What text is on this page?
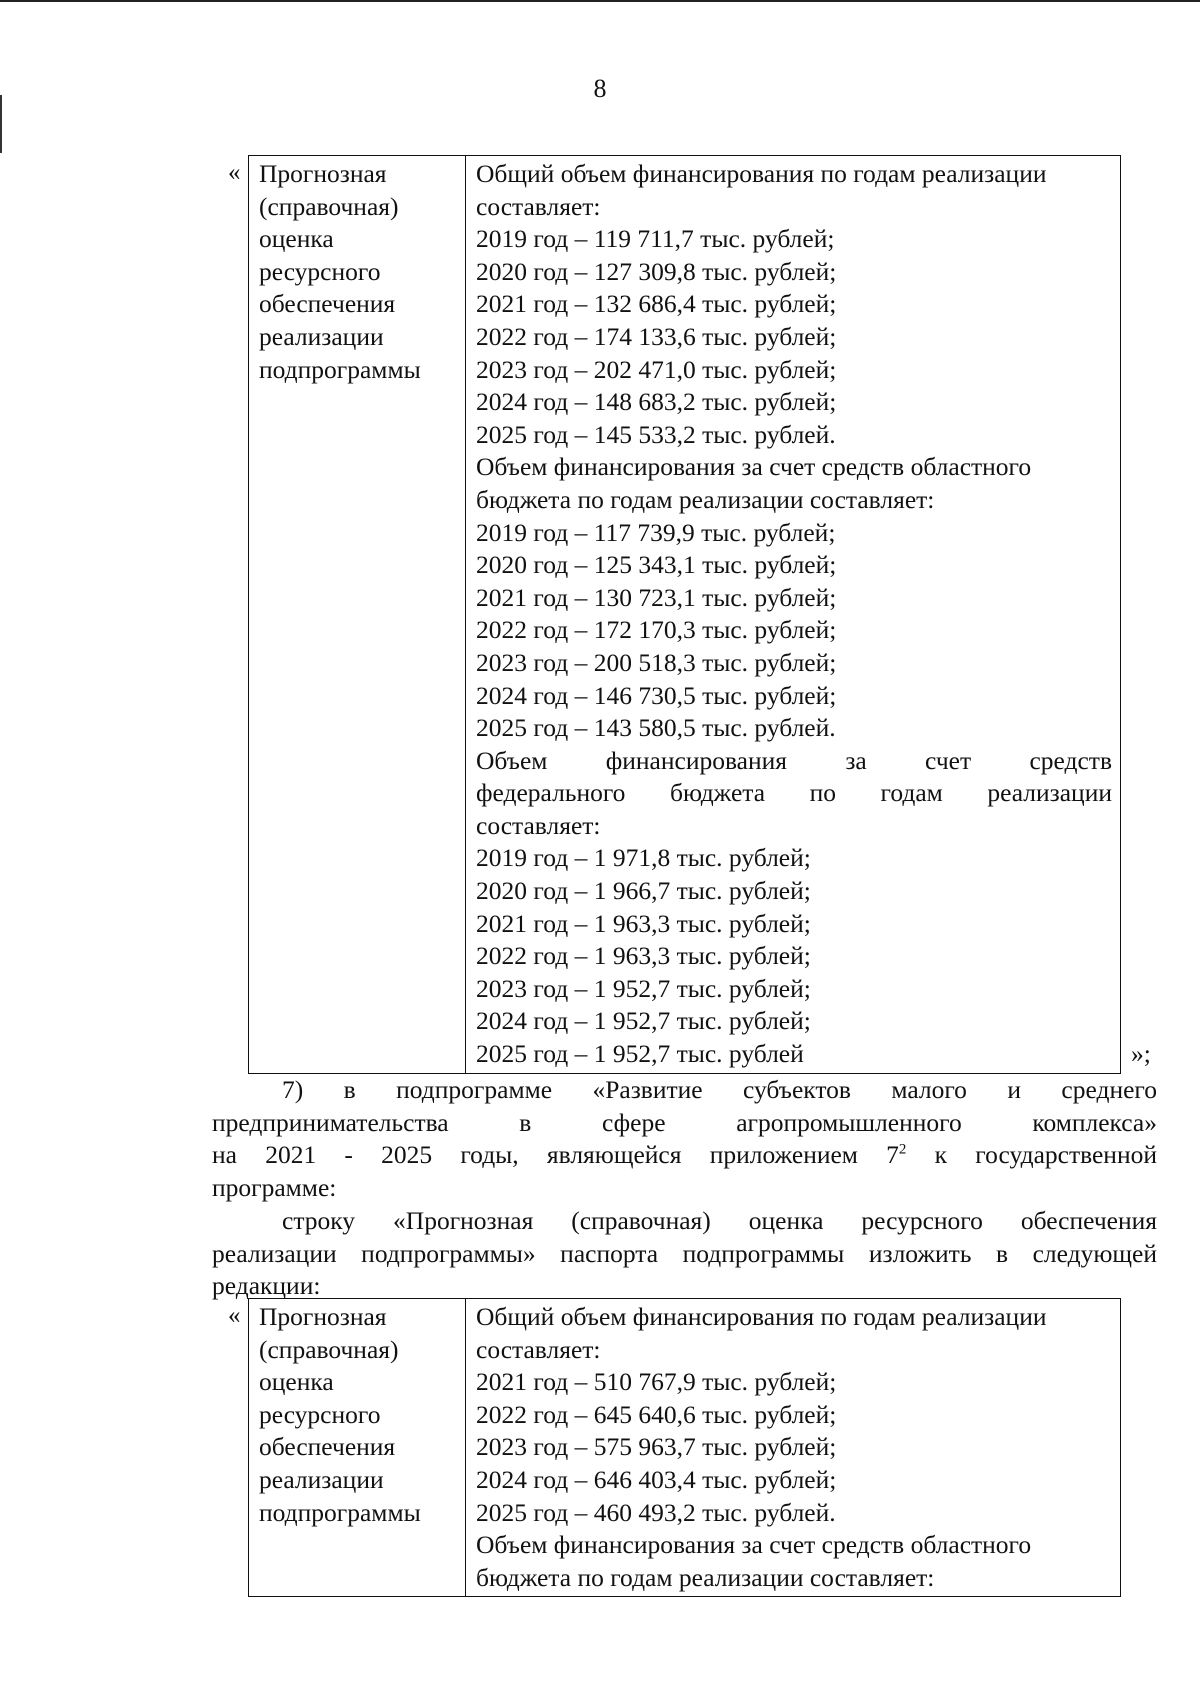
8
« Прогнозная
(справочная)
оценка
ресурсного
обеспечения
реализации
подпрограммы

Общий объем финансирования по годам реализации
составляет:
2019 год – 119 711,7 тыс. рублей;
2020 год – 127 309,8 тыс. рублей;
2021 год – 132 686,4 тыс. рублей;
2022 год – 174 133,6 тыс. рублей;
2023 год – 202 471,0 тыс. рублей;
2024 год – 148 683,2 тыс. рублей;
2025 год – 145 533,2 тыс. рублей.
Объем финансирования за счет средств областного
бюджета по годам реализации составляет:
2019 год – 117 739,9 тыс. рублей;
2020 год – 125 343,1 тыс. рублей;
2021 год – 130 723,1 тыс. рублей;
2022 год – 172 170,3 тыс. рублей;
2023 год – 200 518,3 тыс. рублей;
2024 год – 146 730,5 тыс. рублей;
2025 год – 143 580,5 тыс. рублей.
Объем финансирования за счет средств
федерального бюджета по годам реализации
составляет:
2019 год – 1 971,8 тыс. рублей;
2020 год – 1 966,7 тыс. рублей;
2021 год – 1 963,3 тыс. рублей;
2022 год – 1 963,3 тыс. рублей;
2023 год – 1 952,7 тыс. рублей;
2024 год – 1 952,7 тыс. рублей;
2025 год – 1 952,7 тыс. рублей	»;
7) в подпрограмме «Развитие субъектов малого и среднего
предпринимательства в сфере агропромышленного комплекса»
на 2021 - 2025 годы, являющейся приложением $7^2$ к государственной
программе:
строку «Прогнозная (справочная) оценка ресурсного обеспечения
реализации подпрограммы» паспорта подпрограммы изложить в следующей
редакции:
« Прогнозная
(справочная)
оценка
ресурсного
обеспечения
реализации
подпрограммы

Общий объем финансирования по годам реализации
составляет:
2021 год – 510 767,9 тыс. рублей;
2022 год – 645 640,6 тыс. рублей;
2023 год – 575 963,7 тыс. рублей;
2024 год – 646 403,4 тыс. рублей;
2025 год – 460 493,2 тыс. рублей.
Объем финансирования за счет средств областного
бюджета по годам реализации составляет:
